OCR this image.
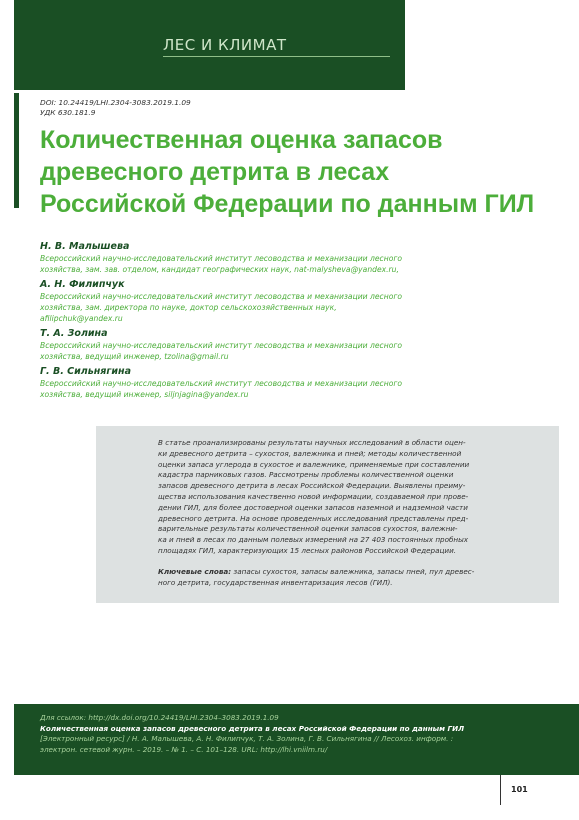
ЛЕС И КЛИМАТ
DOI: 10.24419/LHI.2304-3083.2019.1.09
УДК 630.181.9
Количественная оценка запасов
древесного детрита в лесах
Российской Федерации по данным ГИЛ
Н. В. Малышева
Всероссийский научно-исследовательский институт лесоводства и механизации лесного
хозяйства, зам. зав. отделом, кандидат географических наук, nat-malysheva@yandex.ru,
А. Н. Филипчук
Всероссийский научно-исследовательский институт лесоводства и механизации лесного
хозяйства, зам. директора по науке, доктор сельскохозяйственных наук,
afilipchuk@yandex.ru
Т. А. Золина
Всероссийский научно-исследовательский институт лесоводства и механизации лесного
хозяйства, ведущий инженер, tzolina@gmail.ru
Г. В. Сильнягина
Всероссийский научно-исследовательский институт лесоводства и механизации лесного
хозяйства, ведущий инженер, siljnjagina@yandex.ru
В статье проанализированы результаты научных исследований в области оцен-
ки древесного детрита – сухостоя, валежника и пней; методы количественной
оценки запаса углерода в сухостое и валежнике, применяемые при составлении
кадастра парниковых газов. Рассмотрены проблемы количественной оценки
запасов древесного детрита в лесах Российской Федерации. Выявлены преиму-
щества использования качественно новой информации, создаваемой при прове-
дении ГИЛ, для более достоверной оценки запасов наземной и надземной части
древесного детрита. На основе проведенных исследований представлены пред-
варительные результаты количественной оценки запасов сухостоя, валежни-
ка и пней в лесах по данным полевых измерений на 27 403 постоянных пробных
площадях ГИЛ, характеризующих 15 лесных районов Российской Федерации.
Ключевые слова: запасы сухостоя, запасы валежника, запасы пней, пул древес-
ного детрита, государственная инвентаризация лесов (ГИЛ).
Для ссылок: http://dx.doi.org/10.24419/LHI.2304–3083.2019.1.09
Количественная оценка запасов древесного детрита в лесах Российской Федерации по данным ГИЛ
[Электронный ресурс] / Н. А. Малышева, А. Н. Филипчук, Т. А. Золина, Г. В. Сильнягина // Лесохоз. информ. :
электрон. сетевой журн. – 2019. – № 1. – С. 101–128. URL: http://lhi.vniilm.ru/
101
